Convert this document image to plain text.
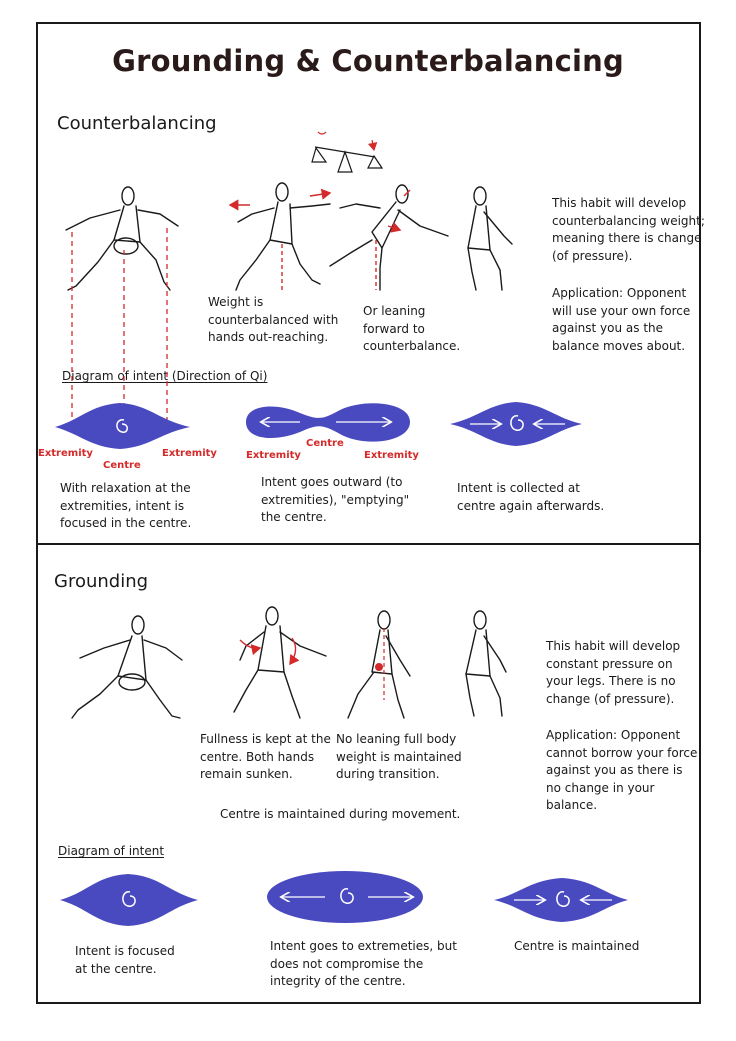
Grounding & Counterbalancing
Counterbalancing
Weight is
counterbalanced with
hands out-reaching.
Or leaning
forward to
counterbalance.
This habit will develop
counterbalancing weight;
meaning there is change
(of pressure).
Application: Opponent
will use your own force
against you as the
balance moves about.
Diagram of intent (Direction of Qi)
Extremity
Centre
Extremity	Extremity
Centre
Extremity
With relaxation at the
extremities, intent is
focused in the centre.
Intent goes outward (to
extremities), "emptying"
the centre.
Intent is collected at
centre again afterwards.
Grounding
Fullness is kept at the
centre. Both hands
remain sunken.
No leaning full body
weight is maintained
during transition.
This habit will develop
constant pressure on
your legs. There is no
change (of pressure).
Application: Opponent
cannot borrow your force
against you as there is
no change in your
balance.
Centre is maintained during movement.
Diagram of intent
Intent is focused
at the centre.
Intent goes to extremeties, but
does not compromise the
integrity of the centre.
Centre is maintained
